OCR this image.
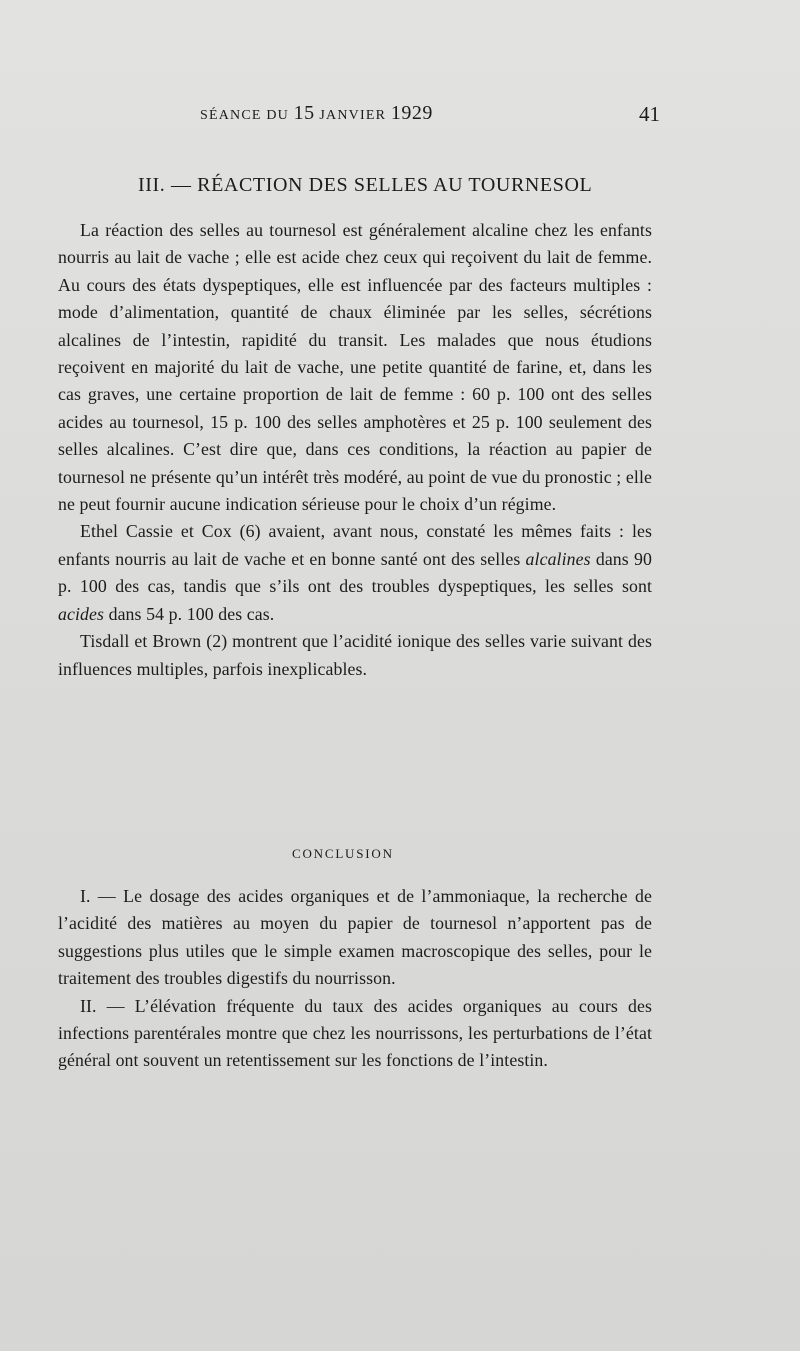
SÉANCE DU 15 JANVIER 1929	41
III. — RÉACTION DES SELLES AU TOURNESOL

La réaction des selles au tournesol est généralement alcaline chez les enfants nourris au lait de vache ; elle est acide chez ceux qui reçoivent du lait de femme. Au cours des états dyspeptiques, elle est influencée par des facteurs multiples : mode d’alimentation, quantité de chaux éliminée par les selles, sécrétions alcalines de l’intestin, rapidité du transit. Les malades que nous étudions reçoivent en majorité du lait de vache, une petite quantité de farine, et, dans les cas graves, une certaine proportion de lait de femme : 60 p. 100 ont des selles acides au tournesol, 15 p. 100 des selles amphotères et 25 p. 100 seulement des selles alcalines. C’est dire que, dans ces conditions, la réaction au papier de tournesol ne présente qu’un intérêt très modéré, au point de vue du pronostic ; elle ne peut fournir aucune indication sérieuse pour le choix d’un régime.

Ethel Cassie et Cox (6) avaient, avant nous, constaté les mêmes faits : les enfants nourris au lait de vache et en bonne santé ont des selles alcalines dans 90 p. 100 des cas, tandis que s’ils ont des troubles dyspeptiques, les selles sont acides dans 54 p. 100 des cas.

Tisdall et Brown (2) montrent que l’acidité ionique des selles varie suivant des influences multiples, parfois inexplicables.

CONCLUSION

I. — Le dosage des acides organiques et de l’ammoniaque, la recherche de l’acidité des matières au moyen du papier de tournesol n’apportent pas de suggestions plus utiles que le simple examen macroscopique des selles, pour le traitement des troubles digestifs du nourrisson.

II. — L’élévation fréquente du taux des acides organiques au cours des infections parentérales montre que chez les nourrissons, les perturbations de l’état général ont souvent un retentissement sur les fonctions de l’intestin.
